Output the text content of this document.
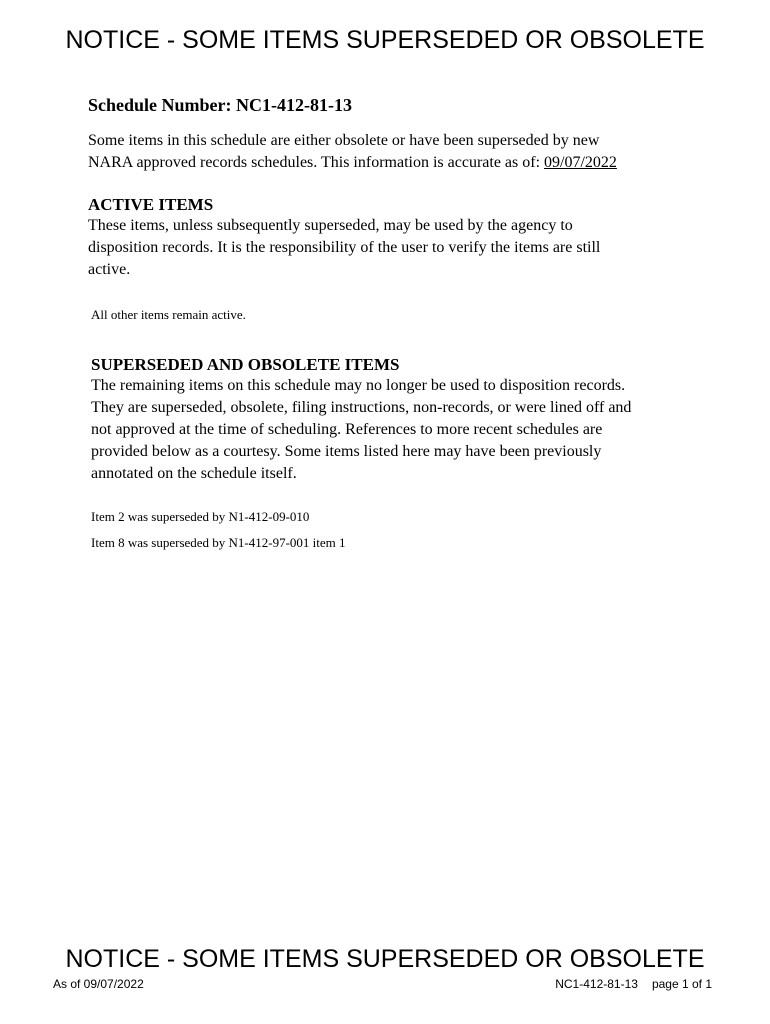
NOTICE - SOME ITEMS SUPERSEDED OR OBSOLETE
Schedule Number: NC1-412-81-13
Some items in this schedule are either obsolete or have been superseded by new
NARA approved records schedules. This information is accurate as of: 09/07/2022
ACTIVE ITEMS
These items, unless subsequently superseded, may be used by the agency to
disposition records. It is the responsibility of the user to verify the items are still
active.
All other items remain active.
SUPERSEDED AND OBSOLETE ITEMS
The remaining items on this schedule may no longer be used to disposition records.
They are superseded, obsolete, filing instructions, non-records, or were lined off and
not approved at the time of scheduling. References to more recent schedules are
provided below as a courtesy. Some items listed here may have been previously
annotated on the schedule itself.
Item 2 was superseded by N1-412-09-010
Item 8 was superseded by N1-412-97-001 item 1
NOTICE - SOME ITEMS SUPERSEDED OR OBSOLETE
As of 09/07/2022	NC1-412-81-13 page 1 of 1
